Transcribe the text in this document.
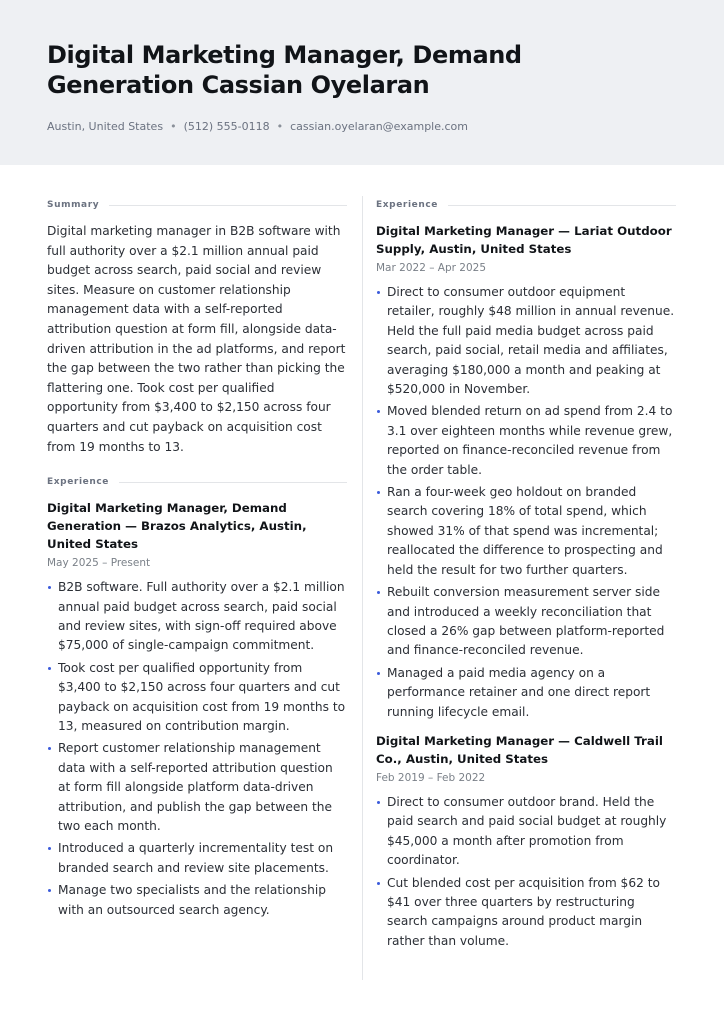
Digital Marketing Manager, Demand Generation Cassian Oyelaran
Austin, United States • (512) 555-0118 • cassian.oyelaran@example.com
Summary

Digital marketing manager in B2B software with full authority over a $2.1 million annual paid budget across search, paid social and review sites. Measure on customer relationship management data with a self-reported attribution question at form fill, alongside data-driven attribution in the ad platforms, and report the gap between the two rather than picking the flattering one. Took cost per qualified opportunity from $3,400 to $2,150 across four quarters and cut payback on acquisition cost from 19 months to 13.

Experience
Digital Marketing Manager, Demand Generation — Brazos Analytics, Austin, United States
May 2025 – Present
B2B software. Full authority over a $2.1 million annual paid budget across search, paid social and review sites, with sign-off required above $75,000 of single-campaign commitment.
Took cost per qualified opportunity from $3,400 to $2,150 across four quarters and cut payback on acquisition cost from 19 months to 13, measured on contribution margin.
Report customer relationship management data with a self-reported attribution question at form fill alongside platform data-driven attribution, and publish the gap between the two each month.
Introduced a quarterly incrementality test on branded search and review site placements.
Manage two specialists and the relationship with an outsourced search agency.
Experience
Digital Marketing Manager — Lariat Outdoor Supply, Austin, United States
Mar 2022 – Apr 2025
Direct to consumer outdoor equipment retailer, roughly $48 million in annual revenue. Held the full paid media budget across paid search, paid social, retail media and affiliates, averaging $180,000 a month and peaking at $520,000 in November.
Moved blended return on ad spend from 2.4 to 3.1 over eighteen months while revenue grew, reported on finance-reconciled revenue from the order table.
Ran a four-week geo holdout on branded search covering 18% of total spend, which showed 31% of that spend was incremental; reallocated the difference to prospecting and held the result for two further quarters.
Rebuilt conversion measurement server side and introduced a weekly reconciliation that closed a 26% gap between platform-reported and finance-reconciled revenue.
Managed a paid media agency on a performance retainer and one direct report running lifecycle email.
Digital Marketing Manager — Caldwell Trail Co., Austin, United States
Feb 2019 – Feb 2022
Direct to consumer outdoor brand. Held the paid search and paid social budget at roughly $45,000 a month after promotion from coordinator.
Cut blended cost per acquisition from $62 to $41 over three quarters by restructuring search campaigns around product margin rather than volume.
